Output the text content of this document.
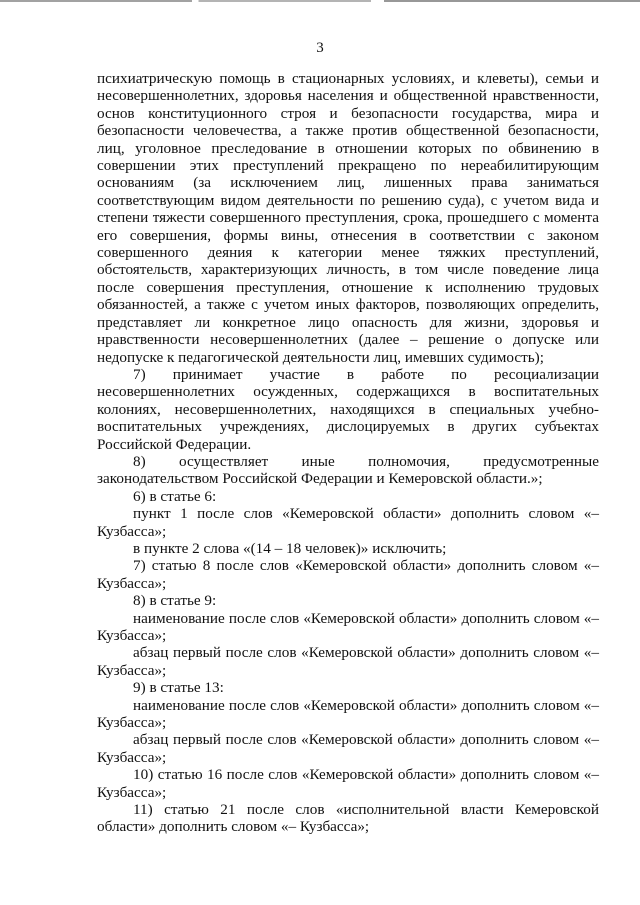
3

психиатрическую помощь в стационарных условиях, и клеветы), семьи и несовершеннолетних, здоровья населения и общественной нравственности, основ конституционного строя и безопасности государства, мира и безопасности человечества, а также против общественной безопасности, лиц, уголовное преследование в отношении которых по обвинению в совершении этих преступлений прекращено по нереабилитирующим основаниям (за исключением лиц, лишенных права заниматься соответствующим видом деятельности по решению суда), с учетом вида и степени тяжести совершенного преступления, срока, прошедшего с момента его совершения, формы вины, отнесения в соответствии с законом совершенного деяния к категории менее тяжких преступлений, обстоятельств, характеризующих личность, в том числе поведение лица после совершения преступления, отношение к исполнению трудовых обязанностей, а также с учетом иных факторов, позволяющих определить, представляет ли конкретное лицо опасность для жизни, здоровья и нравственности несовершеннолетних (далее – решение о допуске или недопуске к педагогической деятельности лиц, имевших судимость);

7) принимает участие в работе по ресоциализации несовершеннолетних осужденных, содержащихся в воспитательных колониях, несовершеннолетних, находящихся в специальных учебно-воспитательных учреждениях, дислоцируемых в других субъектах Российской Федерации.

8) осуществляет иные полномочия, предусмотренные законодательством Российской Федерации и Кемеровской области.»;

6) в статье 6:

пункт 1 после слов «Кемеровской области» дополнить словом «– Кузбасса»;

в пункте 2 слова «(14 – 18 человек)» исключить;

7) статью 8 после слов «Кемеровской области» дополнить словом «– Кузбасса»;

8) в статье 9:

наименование после слов «Кемеровской области» дополнить словом «– Кузбасса»;

абзац первый после слов «Кемеровской области» дополнить словом «– Кузбасса»;

9) в статье 13:

наименование после слов «Кемеровской области» дополнить словом «– Кузбасса»;

абзац первый после слов «Кемеровской области» дополнить словом «– Кузбасса»;

10) статью 16 после слов «Кемеровской области» дополнить словом «– Кузбасса»;

11) статью 21 после слов «исполнительной власти Кемеровской области» дополнить словом «– Кузбасса»;
